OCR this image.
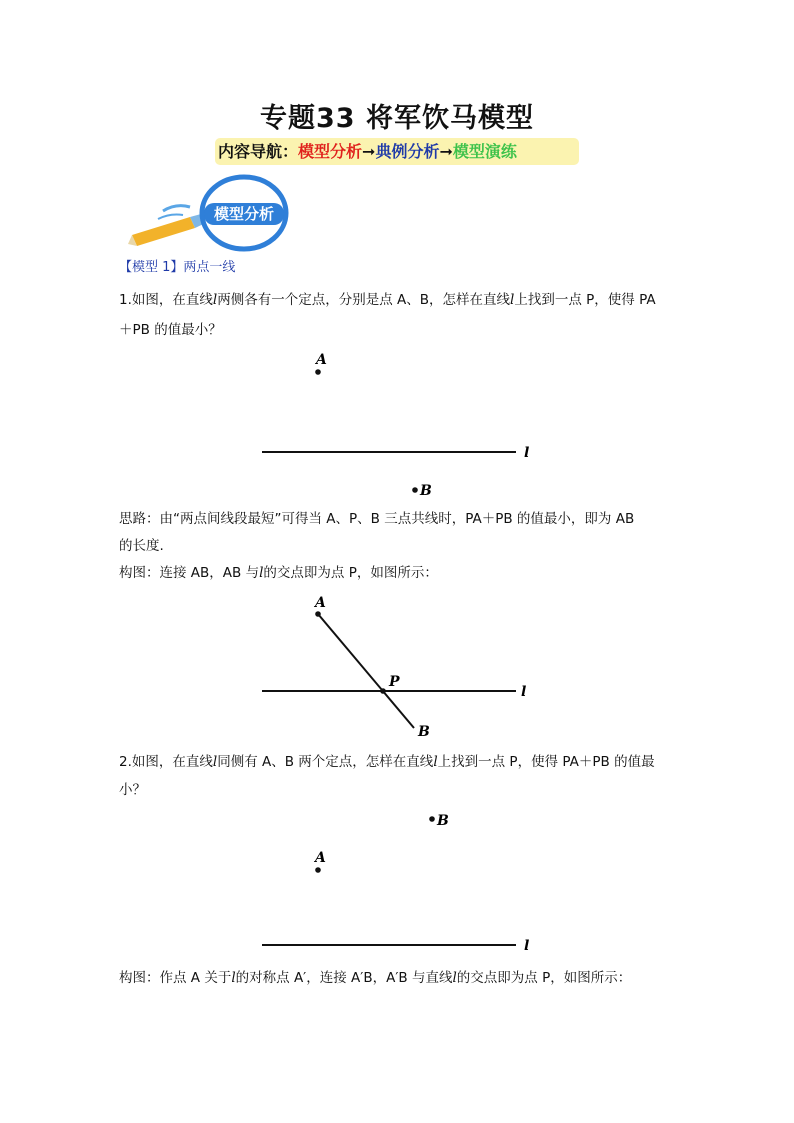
专题33 将军饮马模型
内容导航：模型分析➞典例分析➞模型演练
模型分析
【模型 1】两点一线
1.如图，在直线l两侧各有一个定点，分别是点 A、B，怎样在直线l上找到一点 P，使得 PA
＋PB 的值最小？
A
l
B
思路：由“两点间线段最短”可得当 A、P、B 三点共线时，PA＋PB 的值最小，即为 AB
的长度.
构图：连接 AB，AB 与l的交点即为点 P，如图所示：
A
P
l
B
2.如图，在直线l同侧有 A、B 两个定点，怎样在直线l上找到一点 P，使得 PA＋PB 的值最
小？
B
A
l
构图：作点 A 关于l的对称点 A′，连接 A′B，A′B 与直线l的交点即为点 P，如图所示：
